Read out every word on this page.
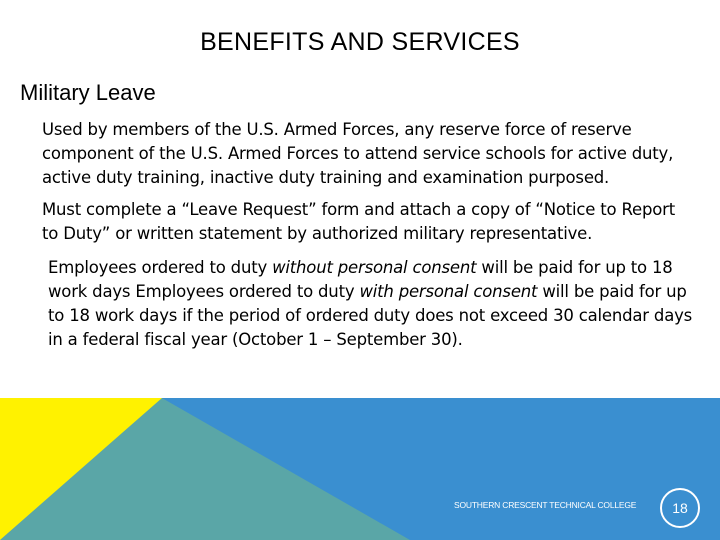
BENEFITS AND SERVICES
Military Leave
Used by members of the U.S. Armed Forces, any reserve force of reserve component of the U.S. Armed Forces to attend service schools for active duty, active duty training, inactive duty training and examination purposed.
Must complete a “Leave Request” form and attach a copy of “Notice to Report to Duty” or written statement by authorized military representative.
Employees ordered to duty without personal consent will be paid for up to 18 work days Employees ordered to duty with personal consent will be paid for up to 18 work days if the period of ordered duty does not exceed 30 calendar days in a federal fiscal year (October 1 – September 30).
SOUTHERN CRESCENT TECHNICAL COLLEGE	18
